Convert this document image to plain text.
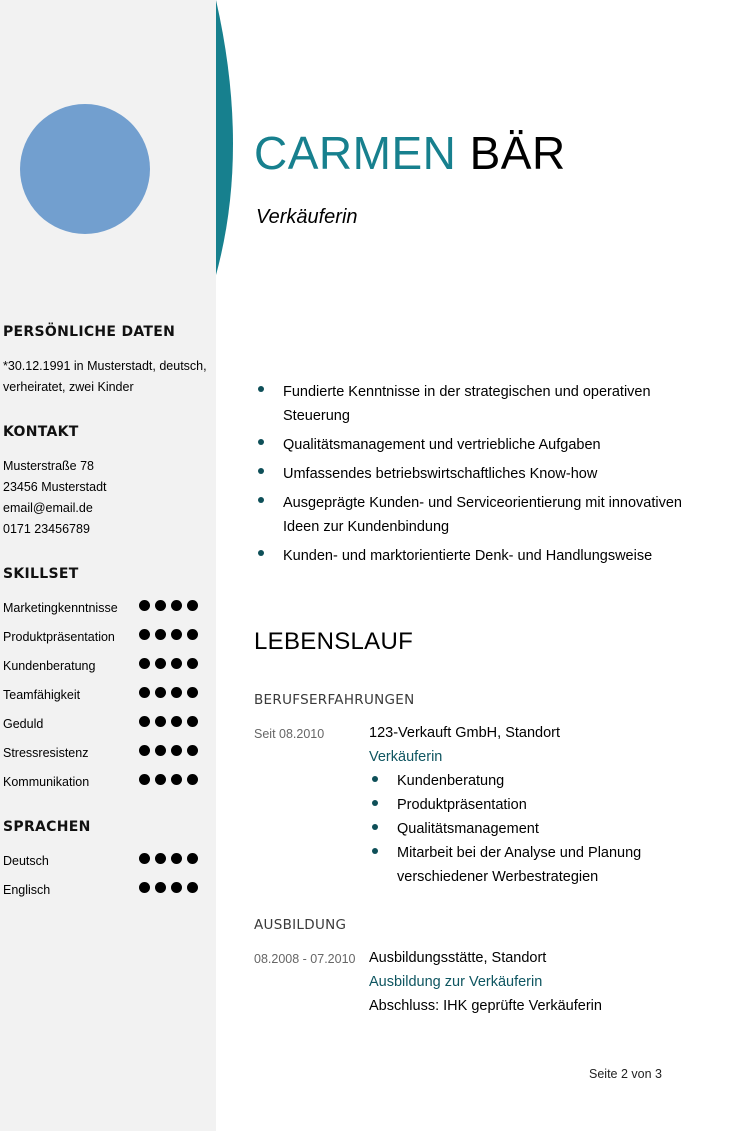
PERSÖNLICHE DATEN

*30.12.1991 in Musterstadt, deutsch,

verheiratet, zwei Kinder

KONTAKT

Musterstraße 78

23456 Musterstadt

email@email.de

0171 23456789

SKILLSET
Marketingkenntnisse
Produktpräsentation
Kundenberatung
Teamfähigkeit
Geduld
Stressresistenz
Kommunikation
SPRACHEN
Deutsch
Englisch
CARMEN BÄR
Verkäuferin
Fundierte Kenntnisse in der strategischen und operativen Steuerung
Qualitätsmanagement und vertriebliche Aufgaben
Umfassendes betriebswirtschaftliches Know-how
Ausgeprägte Kunden- und Serviceorientierung mit innovativen Ideen zur Kundenbindung
Kunden- und marktorientierte Denk- und Handlungsweise
LEBENSLAUF
BERUFSERFAHRUNGEN
Seit 08.2010	123-Verkauft GmbH, Standort
Verkäuferin
Kundenberatung
Produktpräsentation
Qualitätsmanagement
Mitarbeit bei der Analyse und Planung verschiedener Werbestrategien
AUSBILDUNG
08.2008 - 07.2010 Ausbildungsstätte, Standort
Ausbildung zur Verkäuferin
Abschluss: IHK geprüfte Verkäuferin
Seite 2 von 3
